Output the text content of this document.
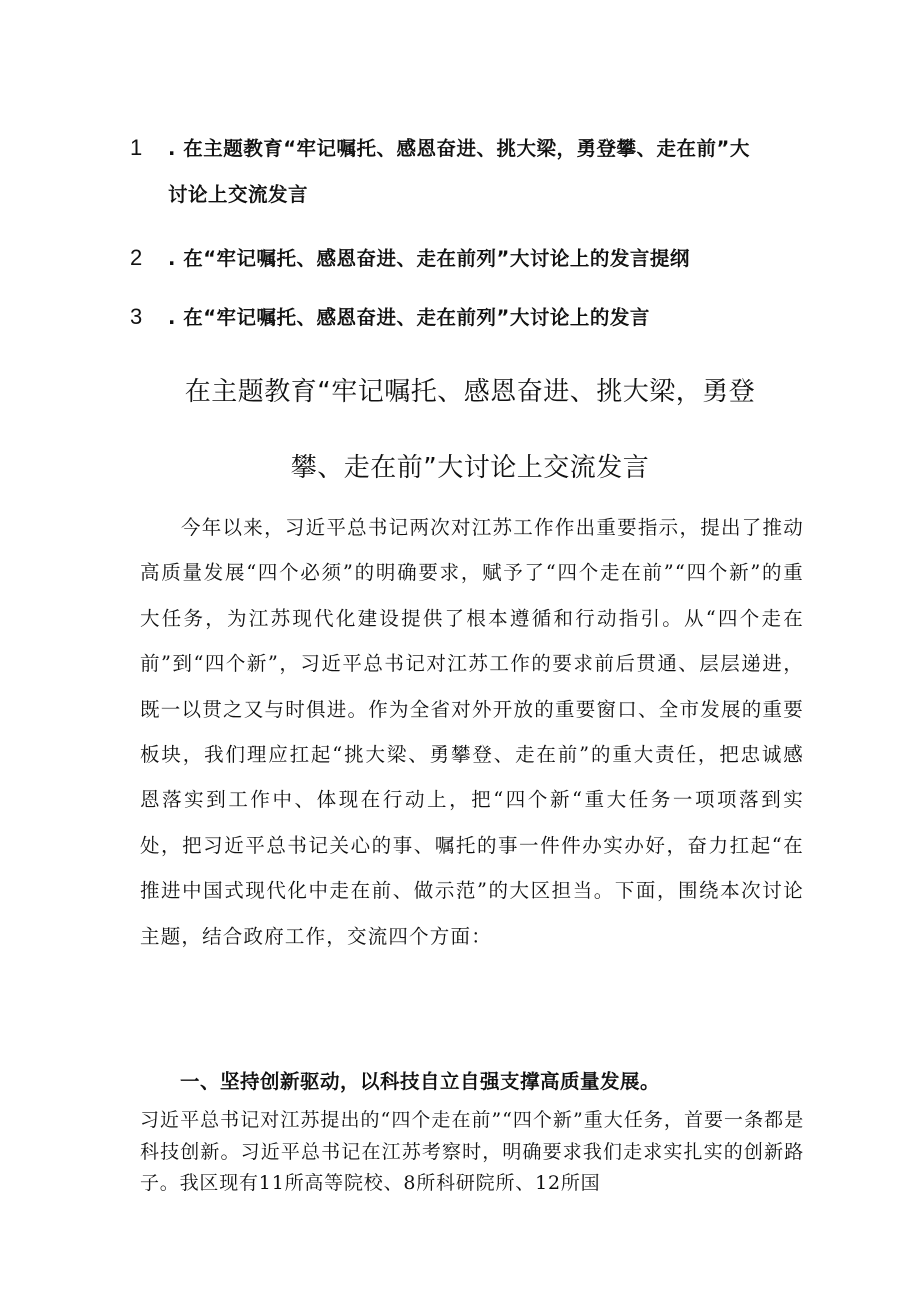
1 . 在主题教育“牢记嘱托、感恩奋进、挑大梁，勇登攀、走在前”大
讨论上交流发言
2 . 在“牢记嘱托、感恩奋进、走在前列”大讨论上的发言提纲
3 . 在“牢记嘱托、感恩奋进、走在前列”大讨论上的发言
在主题教育“牢记嘱托、感恩奋进、挑大梁，勇登
攀、走在前”大讨论上交流发言

今年以来，习近平总书记两次对江苏工作作出重要指示，提出了推动高质量发展“四个必须”的明确要求，赋予了“四个走在前”“四个新”的重大任务，为江苏现代化建设提供了根本遵循和行动指引。从“四个走在前”到“四个新”，习近平总书记对江苏工作的要求前后贯通、层层递进，既一以贯之又与时俱进。作为全省对外开放的重要窗口、全市发展的重要板块，我们理应扛起“挑大梁、勇攀登、走在前”的重大责任，把忠诚感恩落实到工作中、体现在行动上，把“四个新“重大任务一项项落到实处，把习近平总书记关心的事、嘱托的事一件件办实办好，奋力扛起“在推进中国式现代化中走在前、做示范”的大区担当。下面，围绕本次讨论主题，结合政府工作，交流四个方面：

一、坚持创新驱动，以科技自立自强支撑高质量发展。

习近平总书记对江苏提出的“四个走在前”“四个新”重大任务，首要一条都是科技创新。习近平总书记在江苏考察时，明确要求我们走求实扎实的创新路子。我区现有11所高等院校、8所科研院所、12所国
